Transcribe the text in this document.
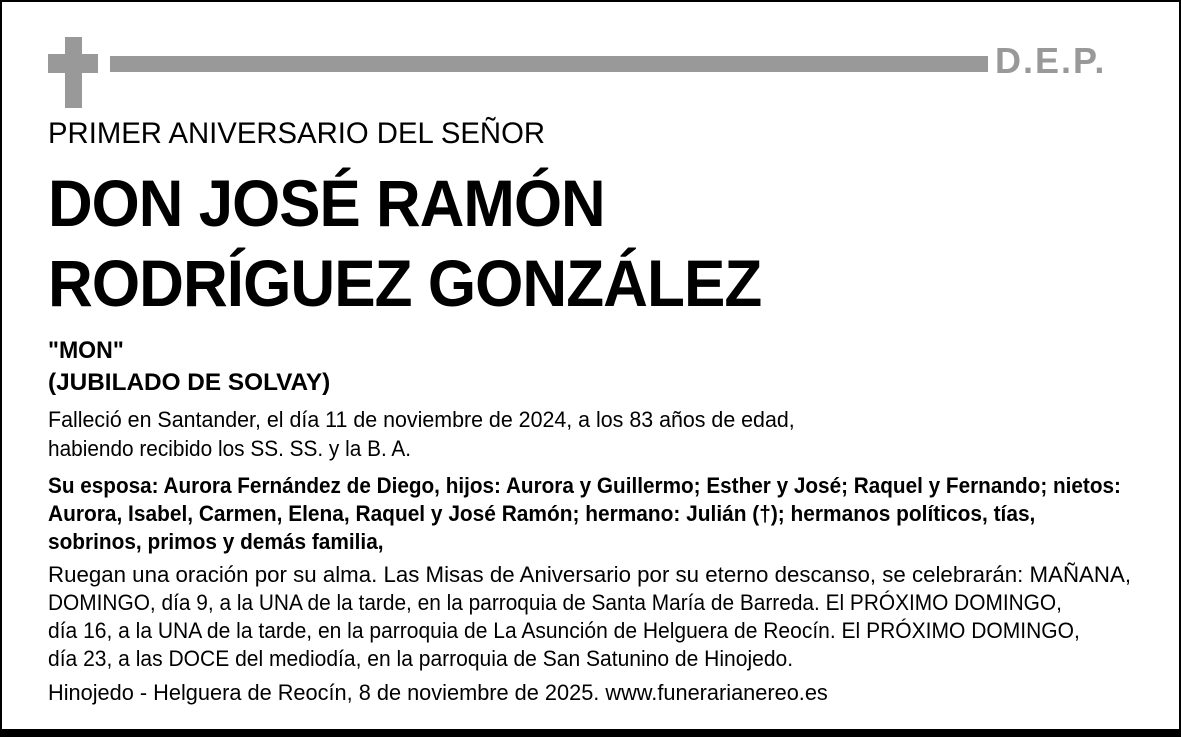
D.E.P.
PRIMER ANIVERSARIO DEL SEÑOR
DON JOSÉ RAMÓN
RODRÍGUEZ GONZÁLEZ
"MON"
(JUBILADO DE SOLVAY)
Falleció en Santander, el día 11 de noviembre de 2024, a los 83 años de edad,
habiendo recibido los SS. SS. y la B. A.
Su esposa: Aurora Fernández de Diego, hijos: Aurora y Guillermo; Esther y José; Raquel y Fernando; nietos:
Aurora, Isabel, Carmen, Elena, Raquel y José Ramón; hermano: Julián (†); hermanos políticos, tías,
sobrinos, primos y demás familia,
Ruegan una oración por su alma. Las Misas de Aniversario por su eterno descanso, se celebrarán: MAÑANA,
DOMINGO, día 9, a la UNA de la tarde, en la parroquia de Santa María de Barreda. El PRÓXIMO DOMINGO,
día 16, a la UNA de la tarde, en la parroquia de La Asunción de Helguera de Reocín. El PRÓXIMO DOMINGO,
día 23, a las DOCE del mediodía, en la parroquia de San Satunino de Hinojedo.
Hinojedo - Helguera de Reocín, 8 de noviembre de 2025. www.funerarianereo.es
